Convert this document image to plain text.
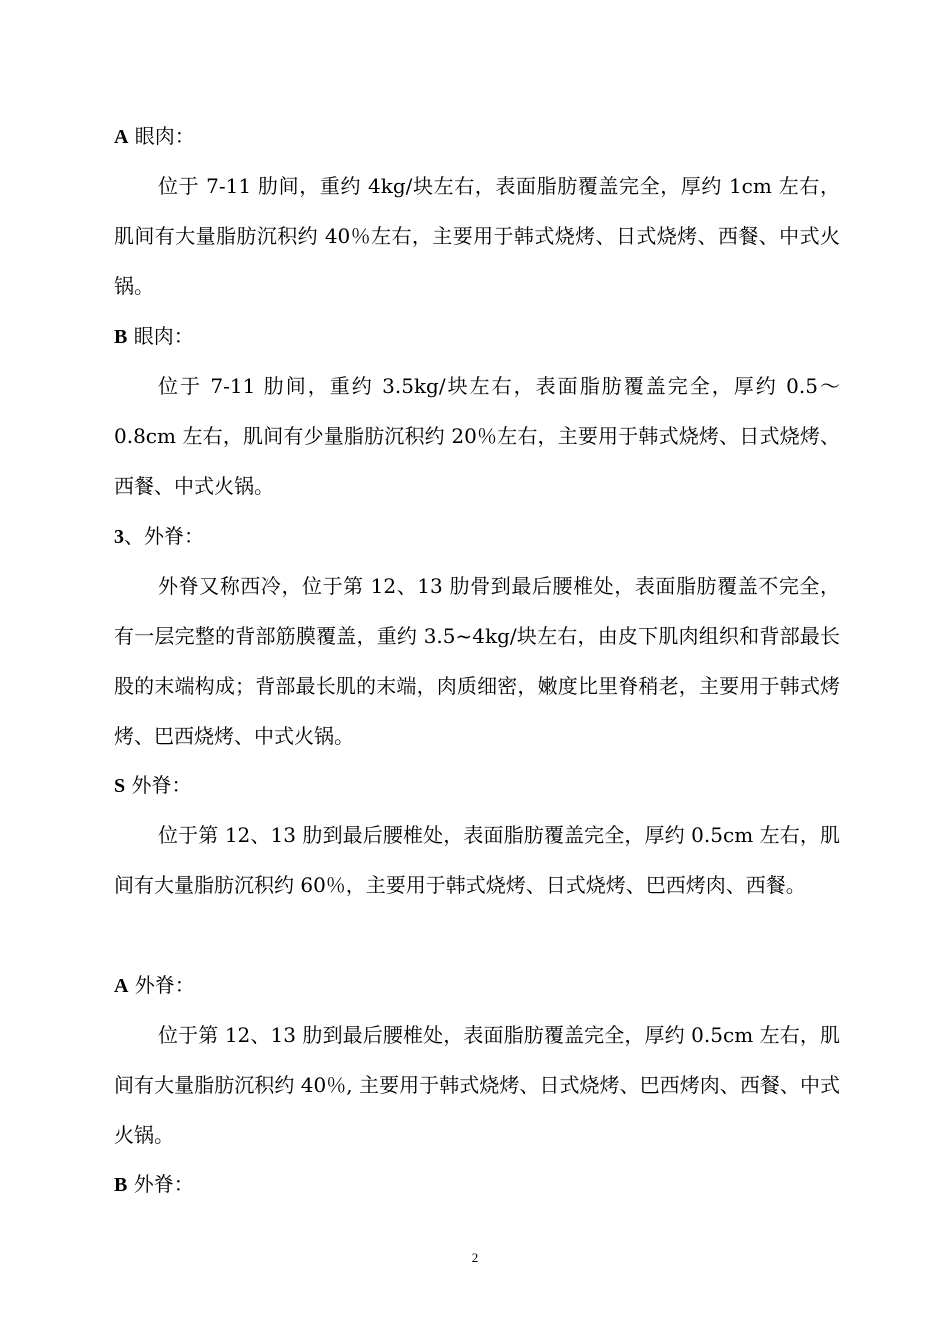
A 眼肉：
位于 7-11 肋间，重约 4kg/块左右，表面脂肪覆盖完全，厚约 1cm 左右，肌间有大量脂肪沉积约 40％左右，主要用于韩式烧烤、日式烧烤、西餐、中式火锅。
B 眼肉：
位于 7-11 肋间，重约 3.5kg/块左右，表面脂肪覆盖完全，厚约 0.5～0.8cm 左右，肌间有少量脂肪沉积约 20％左右，主要用于韩式烧烤、日式烧烤、西餐、中式火锅。
3、外脊：
外脊又称西冷，位于第 12、13 肋骨到最后腰椎处，表面脂肪覆盖不完全，有一层完整的背部筋膜覆盖，重约 3.5~4kg/块左右，由皮下肌肉组织和背部最长股的末端构成；背部最长肌的末端，肉质细密，嫩度比里脊稍老，主要用于韩式烤烤、巴西烧烤、中式火锅。
S 外脊：
位于第 12、13 肋到最后腰椎处，表面脂肪覆盖完全，厚约 0.5cm 左右，肌间有大量脂肪沉积约 60％，主要用于韩式烧烤、日式烧烤、巴西烤肉、西餐。
A 外脊：
位于第 12、13 肋到最后腰椎处，表面脂肪覆盖完全，厚约 0.5cm 左右，肌间有大量脂肪沉积约 40％, 主要用于韩式烧烤、日式烧烤、巴西烤肉、西餐、中式火锅。
B 外脊：
2
